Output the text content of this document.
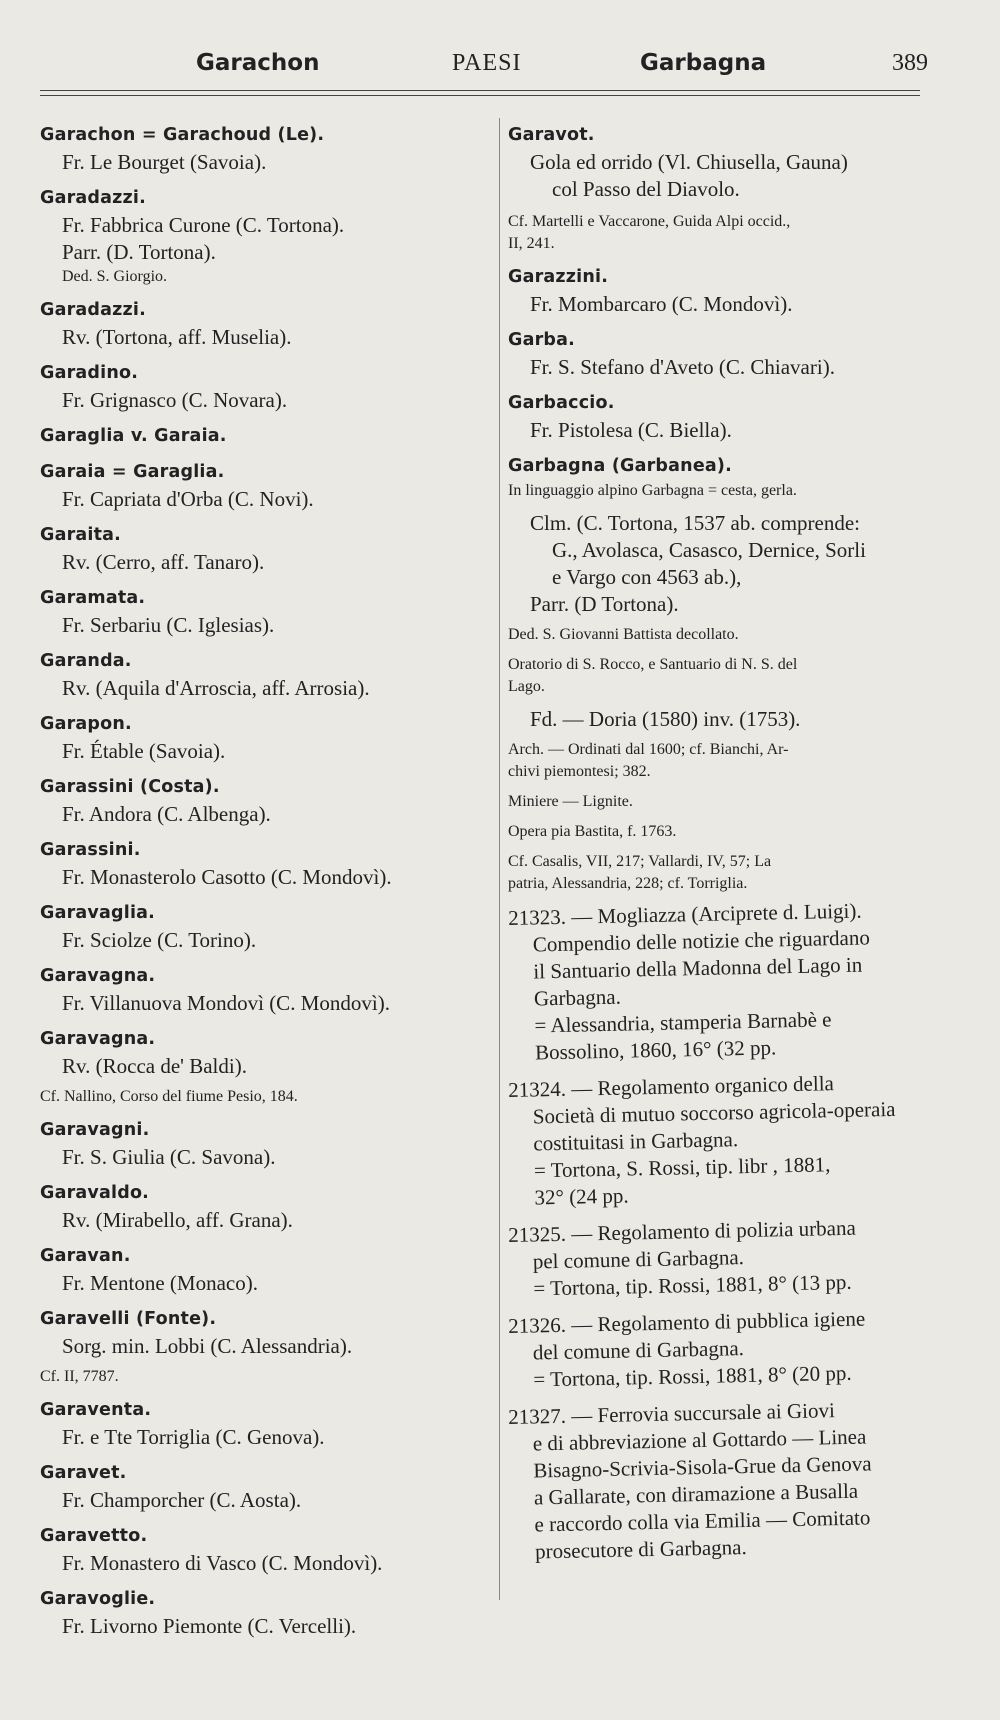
Garachon	PAESI	Garbagna	389
Garachon = Garachoud (Le).
Fr. Le Bourget (Savoia).
Garadazzi.
Fr. Fabbrica Curone (C. Tortona).
Parr. (D. Tortona).
Ded. S. Giorgio.
Garadazzi.
Rv. (Tortona, aff. Muselia).
Garadino.
Fr. Grignasco (C. Novara).
Garaglia v. Garaia.
Garaia = Garaglia.
Fr. Capriata d'Orba (C. Novi).
Garaita.
Rv. (Cerro, aff. Tanaro).
Garamata.
Fr. Serbariu (C. Iglesias).
Garanda.
Rv. (Aquila d'Arroscia, aff. Arrosia).
Garapon.
Fr. Étable (Savoia).
Garassini (Costa).
Fr. Andora (C. Albenga).
Garassini.
Fr. Monasterolo Casotto (C. Mondovì).
Garavaglia.
Fr. Sciolze (C. Torino).
Garavagna.
Fr. Villanuova Mondovì (C. Mondovì).
Garavagna.
Rv. (Rocca de' Baldi).
Cf. Nallino, Corso del fiume Pesio, 184.
Garavagni.
Fr. S. Giulia (C. Savona).
Garavaldo.
Rv. (Mirabello, aff. Grana).
Garavan.
Fr. Mentone (Monaco).
Garavelli (Fonte).
Sorg. min. Lobbi (C. Alessandria).
Cf. II, 7787.
Garaventa.
Fr. e Tte Torriglia (C. Genova).
Garavet.
Fr. Champorcher (C. Aosta).
Garavetto.
Fr. Monastero di Vasco (C. Mondovì).
Garavoglie.
Fr. Livorno Piemonte (C. Vercelli).
Garavot.
Gola ed orrido (Vl. Chiusella, Gauna)
col Passo del Diavolo.
Cf. Martelli e Vaccarone, Guida Alpi occid.,
II, 241.
Garazzini.
Fr. Mombarcaro (C. Mondovì).
Garba.
Fr. S. Stefano d'Aveto (C. Chiavari).
Garbaccio.
Fr. Pistolesa (C. Biella).
Garbagna (Garbanea).
In linguaggio alpino Garbagna = cesta, gerla.
Clm. (C. Tortona, 1537 ab. comprende:
G., Avolasca, Casasco, Dernice, Sorli
e Vargo con 4563 ab.),
Parr. (D Tortona).
Ded. S. Giovanni Battista decollato.
Oratorio di S. Rocco, e Santuario di N. S. del
Lago.
Fd. — Doria (1580) inv. (1753).
Arch. — Ordinati dal 1600; cf. Bianchi, Ar-
chivi piemontesi; 382.
Miniere — Lignite.
Opera pia Bastita, f. 1763.
Cf. Casalis, VII, 217; Vallardi, IV, 57; La
patria, Alessandria, 228; cf. Torriglia.
21323. — Mogliazza (Arciprete d. Luigi).
Compendio delle notizie che riguardano
il Santuario della Madonna del Lago in
Garbagna.
= Alessandria, stamperia Barnabè e
Bossolino, 1860, 16° (32 pp.
21324. — Regolamento organico della
Società di mutuo soccorso agricola-operaia
costituitasi in Garbagna.
= Tortona, S. Rossi, tip. libr , 1881,
32° (24 pp.
21325. — Regolamento di polizia urbana
pel comune di Garbagna.
= Tortona, tip. Rossi, 1881, 8° (13 pp.
21326. — Regolamento di pubblica igiene
del comune di Garbagna.
= Tortona, tip. Rossi, 1881, 8° (20 pp.
21327. — Ferrovia succursale ai Giovi
e di abbreviazione al Gottardo — Linea
Bisagno-Scrivia-Sisola-Grue da Genova
a Gallarate, con diramazione a Busalla
e raccordo colla via Emilia — Comitato
prosecutore di Garbagna.
